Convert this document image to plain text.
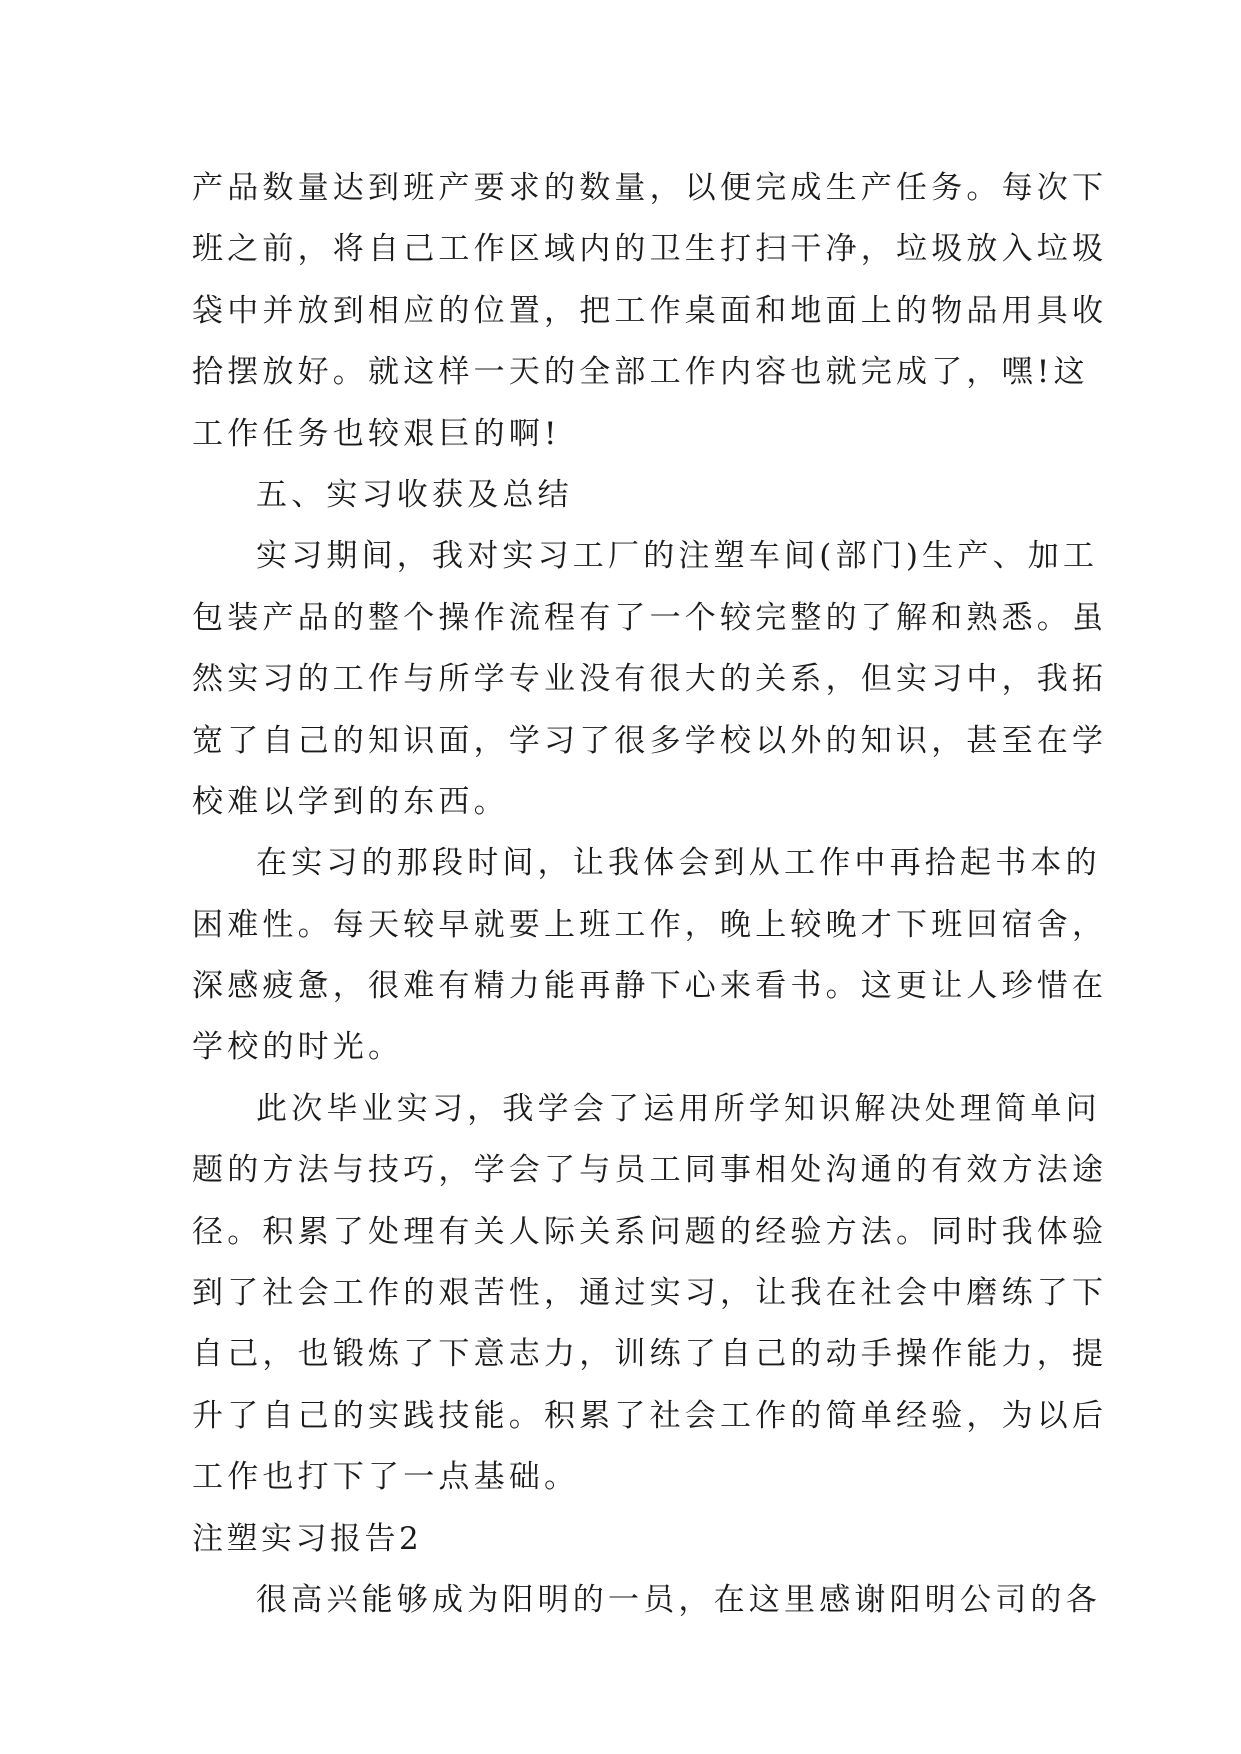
产品数量达到班产要求的数量，以便完成生产任务。每次下
班之前，将自己工作区域内的卫生打扫干净，垃圾放入垃圾
袋中并放到相应的位置，把工作桌面和地面上的物品用具收
拾摆放好。就这样一天的全部工作内容也就完成了，嘿!这
工作任务也较艰巨的啊!
五、实习收获及总结
实习期间，我对实习工厂的注塑车间(部门)生产、加工
包装产品的整个操作流程有了一个较完整的了解和熟悉。虽
然实习的工作与所学专业没有很大的关系，但实习中，我拓
宽了自己的知识面，学习了很多学校以外的知识，甚至在学
校难以学到的东西。
在实习的那段时间，让我体会到从工作中再拾起书本的
困难性。每天较早就要上班工作，晚上较晚才下班回宿舍，
深感疲惫，很难有精力能再静下心来看书。这更让人珍惜在
学校的时光。
此次毕业实习，我学会了运用所学知识解决处理简单问
题的方法与技巧，学会了与员工同事相处沟通的有效方法途
径。积累了处理有关人际关系问题的经验方法。同时我体验
到了社会工作的艰苦性，通过实习，让我在社会中磨练了下
自己，也锻炼了下意志力，训练了自己的动手操作能力，提
升了自己的实践技能。积累了社会工作的简单经验，为以后
工作也打下了一点基础。
注塑实习报告2
很高兴能够成为阳明的一员，在这里感谢阳明公司的各
